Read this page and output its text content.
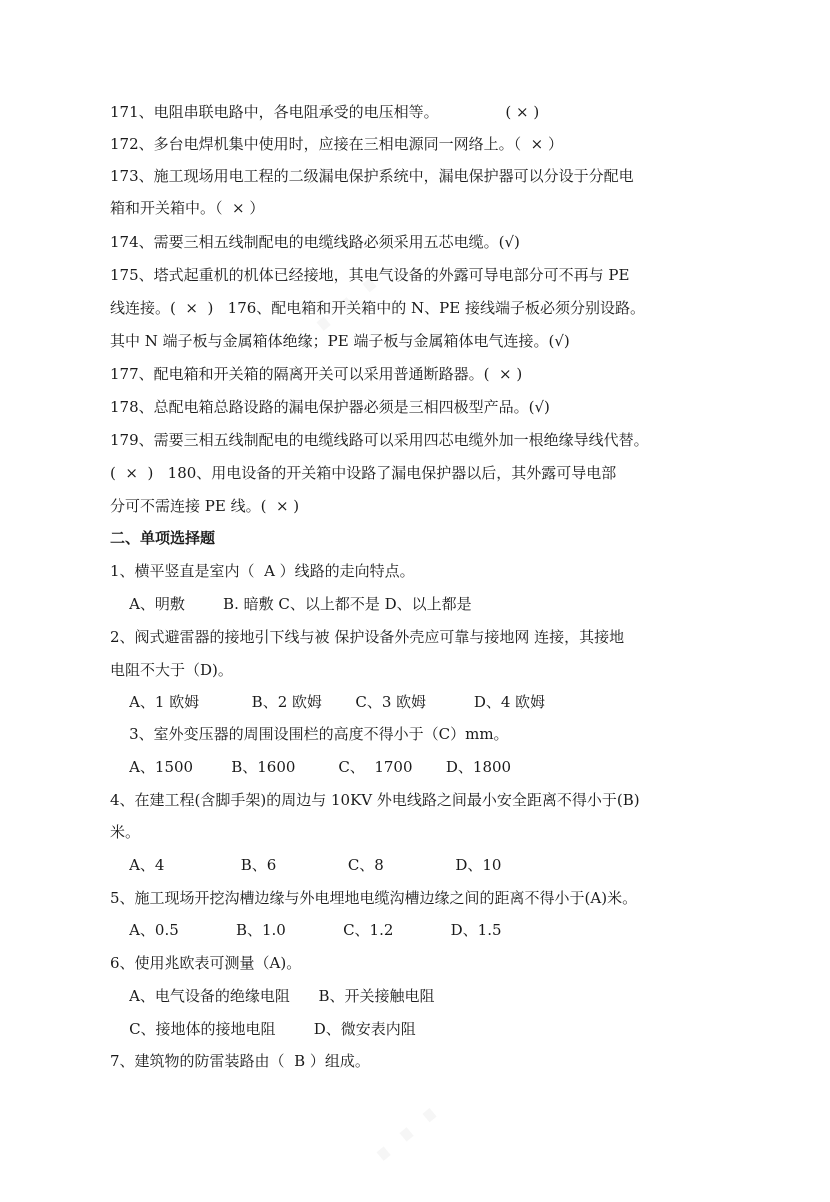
171、电阻串联电路中，各电阻承受的电压相等。              ( × )
172、多台电焊机集中使用时，应接在三相电源同一网络上。（  × ）
173、施工现场用电工程的二级漏电保护系统中，漏电保护器可以分设于分配电
箱和开关箱中。（  × ）
174、需要三相五线制配电的电缆线路必须采用五芯电缆。(√)
175、塔式起重机的机体已经接地，其电气设备的外露可导电部分可不再与 PE
线连接。(  ×  )   176、配电箱和开关箱中的 N、PE 接线端子板必须分别设路。
其中 N 端子板与金属箱体绝缘；PE 端子板与金属箱体电气连接。(√)
177、配电箱和开关箱的隔离开关可以采用普通断路器。(  × )
178、总配电箱总路设路的漏电保护器必须是三相四极型产品。(√)
179、需要三相五线制配电的电缆线路可以采用四芯电缆外加一根绝缘导线代替。
(  ×  )   180、用电设备的开关箱中设路了漏电保护器以后，其外露可导电部
分可不需连接 PE 线。(  × )
二、单项选择题
1、横平竖直是室内（  A ）线路的走向特点。
A、明敷        B. 暗敷 C、以上都不是 D、以上都是
2、阀式避雷器的接地引下线与被 保护设备外壳应可靠与接地网 连接，其接地
电阻不大于（D)。
A、1 欧姆           B、2 欧姆       C、3 欧姆          D、4 欧姆
3、室外变压器的周围设围栏的高度不得小于（C）mm。
A、1500        B、1600         C、  1700       D、1800
4、在建工程(含脚手架)的周边与 10KV 外电线路之间最小安全距离不得小于(B)
米。
A、4                B、6               C、8               D、10
5、施工现场开挖沟槽边缘与外电埋地电缆沟槽边缘之间的距离不得小于(A)米。
A、0.5            B、1.0            C、1.2            D、1.5
6、使用兆欧表可测量（A)。
A、电气设备的绝缘电阻      B、开关接触电阻
C、接地体的接地电阻        D、微安表内阻
7、建筑物的防雷装路由（  B ）组成。
